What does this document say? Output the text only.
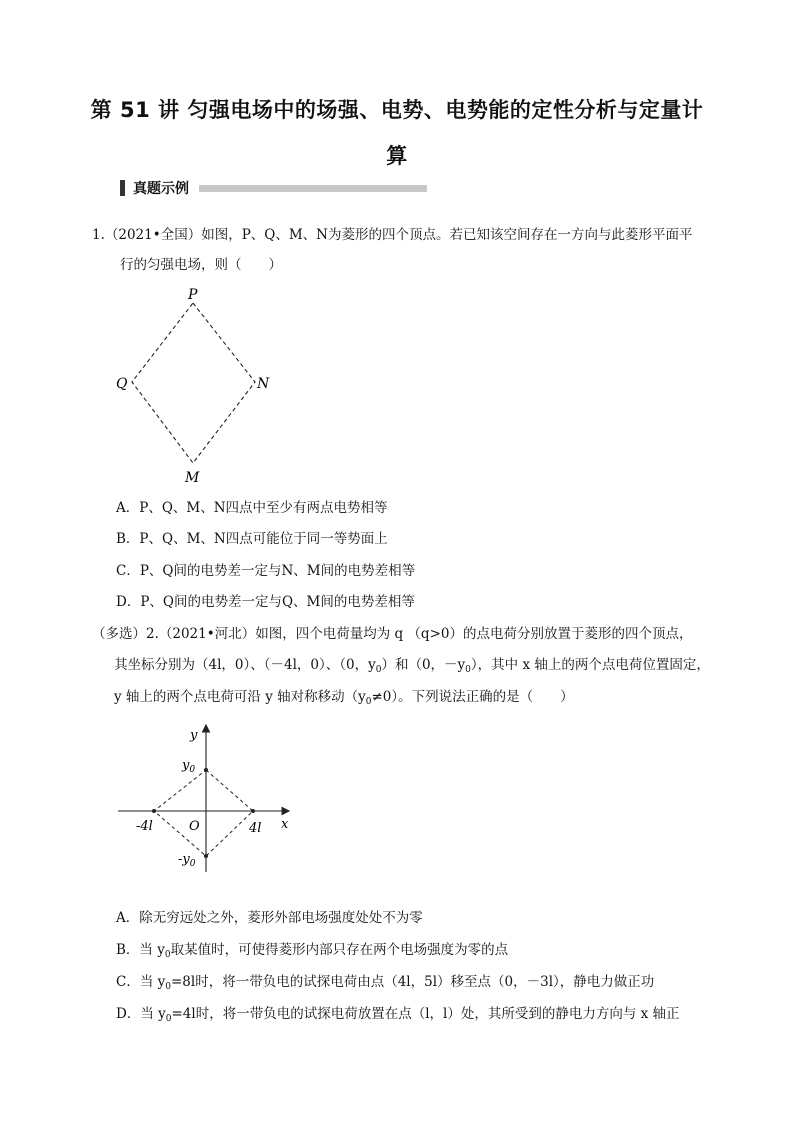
第 51 讲 匀强电场中的场强、电势、电势能的定性分析与定量计
算
真题示例
1.（2021•全国）如图，P、Q、M、N为菱形的四个顶点。若已知该空间存在一方向与此菱形平面平
行的匀强电场，则（　　）
P
Q	N
M
A．P、Q、M、N四点中至少有两点电势相等
B．P、Q、M、N四点可能位于同一等势面上
C．P、Q间的电势差一定与N、M间的电势差相等
D．P、Q间的电势差一定与Q、M间的电势差相等
（多选）2.（2021•河北）如图，四个电荷量均为 q （q>0）的点电荷分别放置于菱形的四个顶点，
其坐标分别为（4l，0）、（－4l，0）、（0，$y_0$）和（0，$-y_0$），其中 x 轴上的两个点电荷位置固定，
y 轴上的两个点电荷可沿 y 轴对称移动$(y_0\ne 0)$。下列说法正确的是（　　）
y
x
O
$y_0$
$-y_0$
-4l	4l
A．除无穷远处之外，菱形外部电场强度处处不为零
B．当 $y_0$取某值时，可使得菱形内部只存在两个电场强度为零的点
C．当 $y_0=8l$时，将一带负电的试探电荷由点（4l，5l）移至点（0，－3l），静电力做正功
D．当 $y_0=4l$时，将一带负电的试探电荷放置在点（l，l）处，其所受到的静电力方向与 x 轴正
